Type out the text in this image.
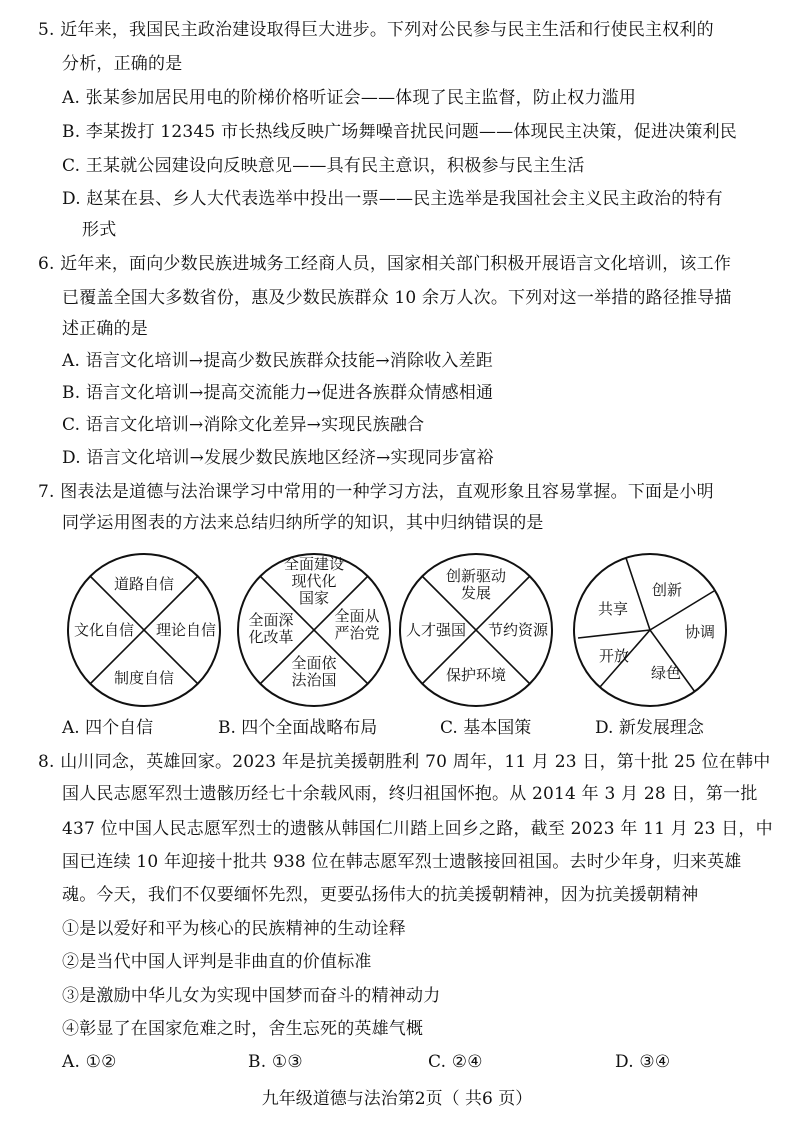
5. 近年来，我国民主政治建设取得巨大进步。下列对公民参与民主生活和行使民主权利的
分析，正确的是
A. 张某参加居民用电的阶梯价格听证会——体现了民主监督，防止权力滥用
B. 李某拨打 12345 市长热线反映广场舞噪音扰民问题——体现民主决策，促进决策利民
C. 王某就公园建设向反映意见——具有民主意识，积极参与民主生活
D. 赵某在县、乡人大代表选举中投出一票——民主选举是我国社会主义民主政治的特有
形式
6. 近年来，面向少数民族进城务工经商人员，国家相关部门积极开展语言文化培训，该工作
已覆盖全国大多数省份，惠及少数民族群众 10 余万人次。下列对这一举措的路径推导描
述正确的是
A. 语言文化培训→提高少数民族群众技能→消除收入差距
B. 语言文化培训→提高交流能力→促进各族群众情感相通
C. 语言文化培训→消除文化差异→实现民族融合
D. 语言文化培训→发展少数民族地区经济→实现同步富裕
7. 图表法是道德与法治课学习中常用的一种学习方法，直观形象且容易掌握。下面是小明
同学运用图表的方法来总结归纳所学的知识，其中归纳错误的是
道路自信
文化自信 理论自信
制度自信
全面建设
现代化
国家
全面深
化改革
全面从
严治党
全面依
法治国
创新驱动
发展
人才强国 节约资源
保护环境
创新
协调
绿色
开放
共享
A. 四个自信	B. 四个全面战略布局	C. 基本国策	D. 新发展理念
8. 山川同念，英雄回家。2023 年是抗美援朝胜利 70 周年，11 月 23 日，第十批 25 位在韩中
国人民志愿军烈士遗骸历经七十余载风雨，终归祖国怀抱。从 2014 年 3 月 28 日，第一批
437 位中国人民志愿军烈士的遗骸从韩国仁川踏上回乡之路，截至 2023 年 11 月 23 日，中
国已连续 10 年迎接十批共 938 位在韩志愿军烈士遗骸接回祖国。去时少年身，归来英雄
魂。今天，我们不仅要缅怀先烈，更要弘扬伟大的抗美援朝精神，因为抗美援朝精神
①是以爱好和平为核心的民族精神的生动诠释
②是当代中国人评判是非曲直的价值标准
③是激励中华儿女为实现中国梦而奋斗的精神动力
④彰显了在国家危难之时，舍生忘死的英雄气概
A. ①②	B. ①③	C. ②④	D. ③④
九年级道德与法治第2页（ 共6 页）
